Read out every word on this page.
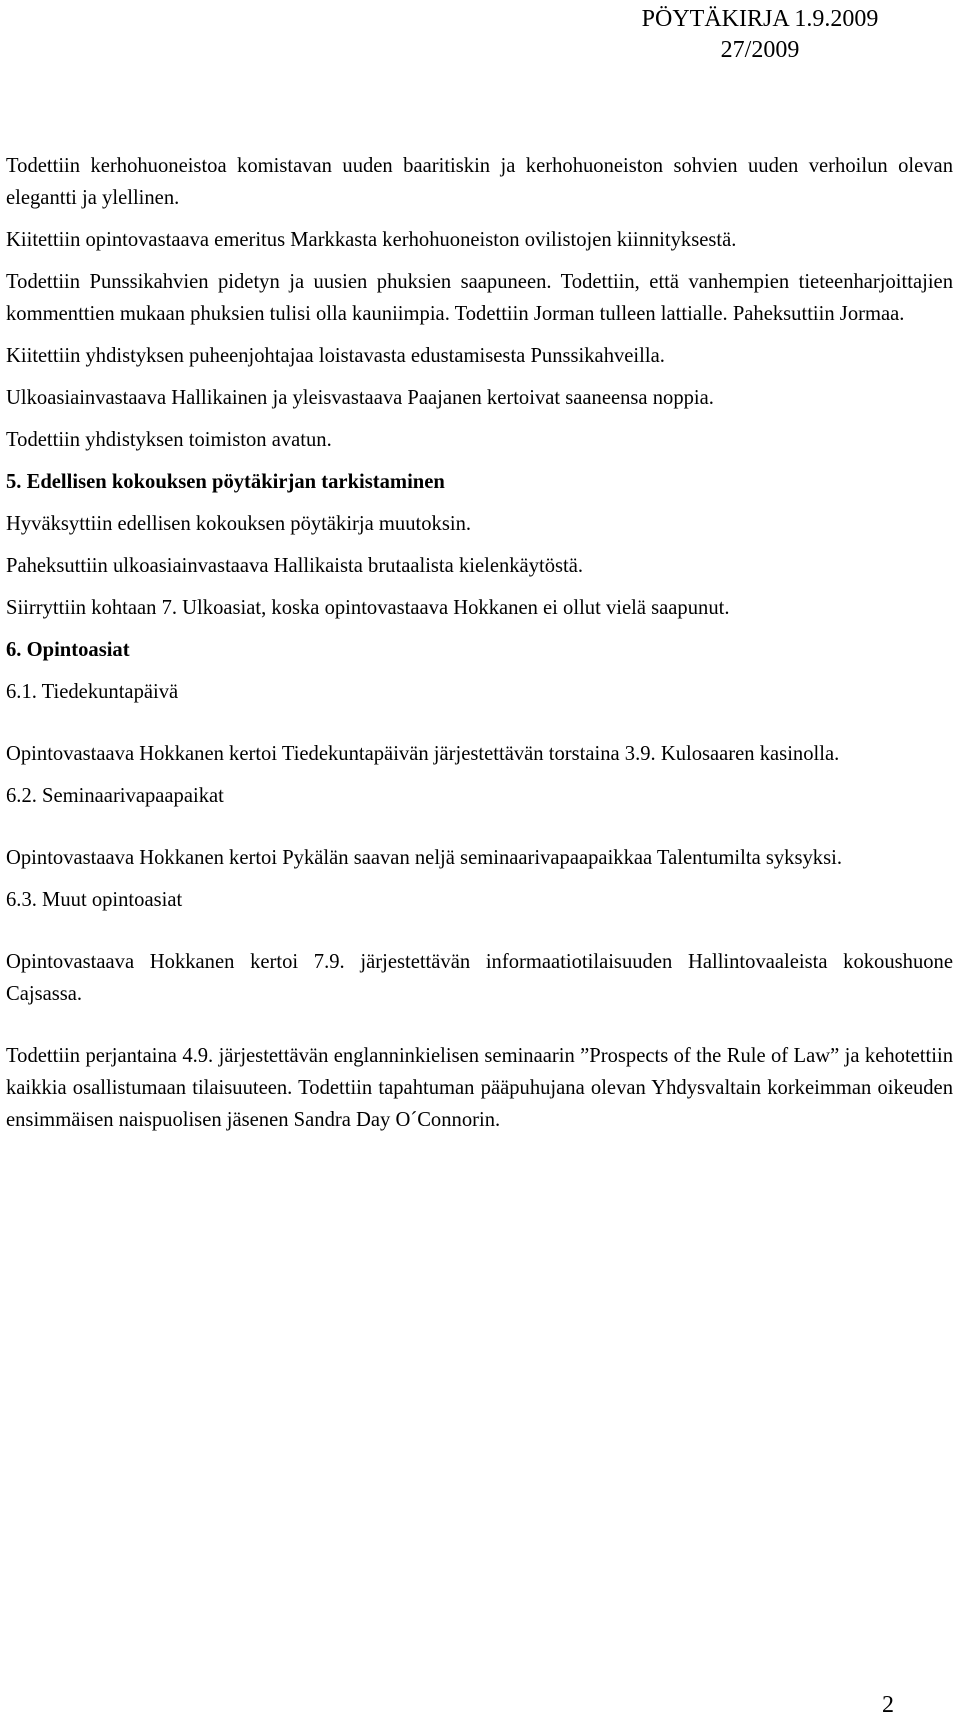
PÖYTÄKIRJA 1.9.2009
27/2009

Todettiin kerhohuoneistoa komistavan uuden baaritiskin ja kerhohuoneiston sohvien uuden verhoilun olevan elegantti ja ylellinen.

Kiitettiin opintovastaava emeritus Markkasta kerhohuoneiston ovilistojen kiinnityksestä.

Todettiin Punssikahvien pidetyn ja uusien phuksien saapuneen. Todettiin, että vanhempien tieteenharjoittajien kommenttien mukaan phuksien tulisi olla kauniimpia. Todettiin Jorman tulleen lattialle. Paheksuttiin Jormaa.

Kiitettiin yhdistyksen puheenjohtajaa loistavasta edustamisesta Punssikahveilla.

Ulkoasiainvastaava Hallikainen ja yleisvastaava Paajanen kertoivat saaneensa noppia.

Todettiin yhdistyksen toimiston avatun.

5. Edellisen kokouksen pöytäkirjan tarkistaminen

Hyväksyttiin edellisen kokouksen pöytäkirja muutoksin.

Paheksuttiin ulkoasiainvastaava Hallikaista brutaalista kielenkäytöstä.

Siirryttiin kohtaan 7. Ulkoasiat, koska opintovastaava Hokkanen ei ollut vielä saapunut.

6. Opintoasiat

6.1. Tiedekuntapäivä

Opintovastaava Hokkanen kertoi Tiedekuntapäivän järjestettävän torstaina 3.9. Kulosaaren kasinolla.

6.2. Seminaarivapaapaikat

Opintovastaava Hokkanen kertoi Pykälän saavan neljä seminaarivapaapaikkaa Talentumilta syksyksi.

6.3. Muut opintoasiat

Opintovastaava Hokkanen kertoi 7.9. järjestettävän informaatiotilaisuuden Hallintovaaleista kokoushuone Cajsassa.

Todettiin perjantaina 4.9. järjestettävän englanninkielisen seminaarin ”Prospects of the Rule of Law” ja kehotettiin kaikkia osallistumaan tilaisuuteen. Todettiin tapahtuman pääpuhujana olevan Yhdysvaltain korkeimman oikeuden ensimmäisen naispuolisen jäsenen Sandra Day O´Connorin.

2
